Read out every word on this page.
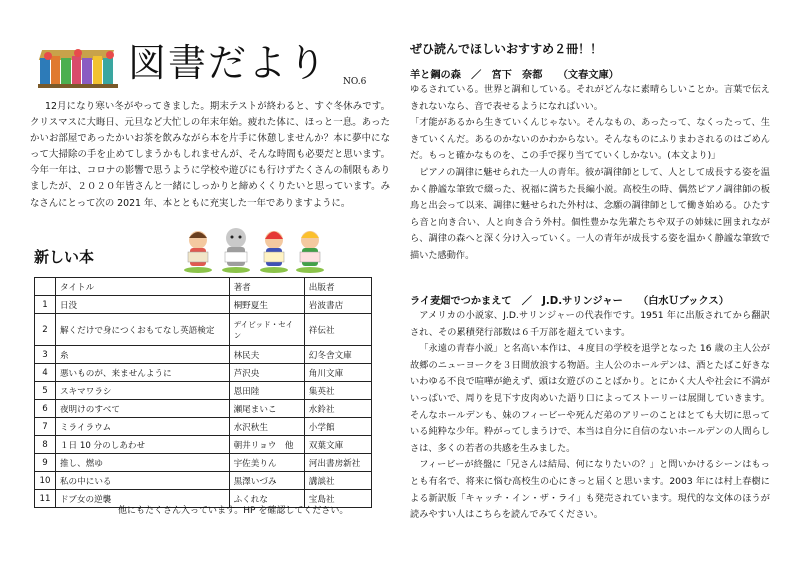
図書だより NO.6

12月になり寒い冬がやってきました。期末テストが終わると、すぐ冬休みです。クリスマスに大晦日、元旦など大忙しの年末年始。疲れた体に、ほっと一息。あったかいお部屋であったかいお茶を飲みながら本を片手に休憩しませんか？本に夢中になって大掃除の手を止めてしまうかもしれませんが、そんな時間も必要だと思います。今年一年は、コロナの影響で思うように学校や遊びにも行けずたくさんの制限もありましたが、２０２０年皆さんと一緒にしっかりと締めくくりたいと思っています。みなさんにとって次の 2021 年、本とともに充実した一年でありますように。

新しい本
	タイトル	著者	出版者
1	日没	桐野夏生	岩波書店
2	解くだけで身につくおもてなし英語検定	デイビッド・セイン	祥伝社
3	糸	林民夫	幻冬舎文庫
4	悪いものが、来ませんように	芦沢央	角川文庫
5	スキマワラシ	恩田陸	集英社
6	夜明けのすべて	瀬尾まいこ	水鈴社
7	ミライラウム	水沢秋生	小学館
8	１日 10 分のしあわせ	朝井リョウ　他	双葉文庫
9	推し、燃ゆ	宇佐美りん	河出書房新社
10	私の中にいる	黒澤いづみ	講談社
11	ドブ女の逆襲	ふくれな	宝島社

他にもたくさん入っています。HP を確認してください。

ぜひ読んでほしいおすすめ２冊！！
羊と鋼の森　／　宮下　奈都　　（文春文庫）

ゆるされている。世界と調和している。それがどんなに素晴らしいことか。言葉で伝えきれないなら、音で表せるようになればいい。

「才能があるから生きていくんじゃない。そんなもの、あったって、なくったって、生きていくんだ。あるのかないのかわからない。そんなものにふりまわされるのはごめんだ。もっと確かなものを、この手で探り当てていくしかない。(本文より)」

ピアノの調律に魅せられた一人の青年。彼が調律師として、人として成長する姿を温かく静謐な筆致で綴った、祝福に満ちた長編小説。高校生の時、偶然ピアノ調律師の板鳥と出会って以来、調律に魅せられた外村は、念願の調律師として働き始める。ひたすら音と向き合い、人と向き合う外村。個性豊かな先輩たちや双子の姉妹に囲まれながら、調律の森へと深く分け入っていく。一人の青年が成長する姿を温かく静謐な筆致で描いた感動作。

ライ麦畑でつかまえて　／　J.D.サリンジャー　　（白水Ｕブックス）

アメリカの小説家、J.D.サリンジャーの代表作です。1951 年に出版されてから翻訳され、その累積発行部数は６千万部を超えています。

「永遠の青春小説」と名高い本作は、４度目の学校を退学となった 16 歳の主人公が故郷のニューヨークを３日間放浪する物語。主人公のホールデンは、酒とたばこ好きないわゆる不良で喧嘩が絶えず、頭は女遊びのことばかり。とにかく大人や社会に不満がいっぱいで、周りを見下す皮肉めいた語り口によってストーリーは展開していきます。そんなホールデンも、妹のフィービーや死んだ弟のアリーのことはとても大切に思っている純粋な少年。粋がってしまうけで、本当は自分に自信のないホールデンの人間らしさは、多くの若者の共感を生みました。

フィービーが終盤に「兄さんは結局、何になりたいの？」と問いかけるシーンはもっとも有名で、将来に悩む高校生の心にきっと届くと思います。2003 年には村上春樹による新訳版「キャッチ・イン・ザ・ライ」も発売されています。現代的な文体のほうが読みやすい人はこちらを読んでみてください。
